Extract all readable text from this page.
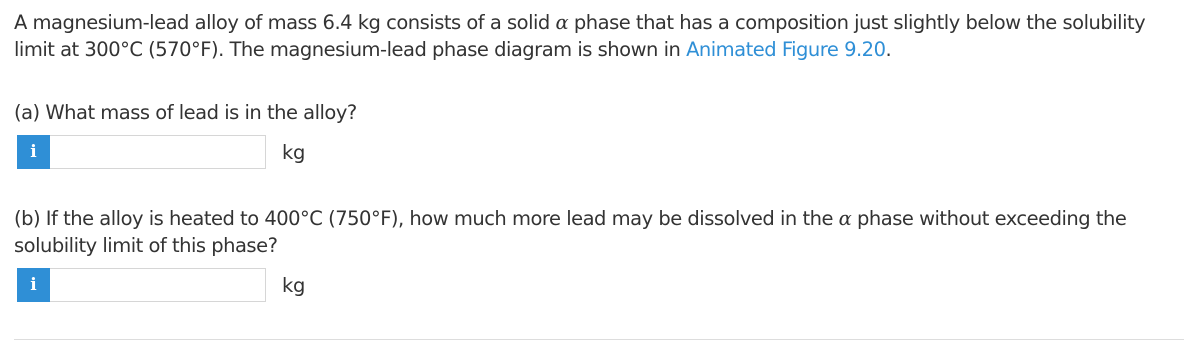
A magnesium-lead alloy of mass 6.4 kg consists of a solid α phase that has a composition just slightly below the solubility limit at 300°C (570°F). The magnesium-lead phase diagram is shown in Animated Figure 9.20.
(a) What mass of lead is in the alloy?
i	kg
(b) If the alloy is heated to 400°C (750°F), how much more lead may be dissolved in the α phase without exceeding the solubility limit of this phase?
i	kg
